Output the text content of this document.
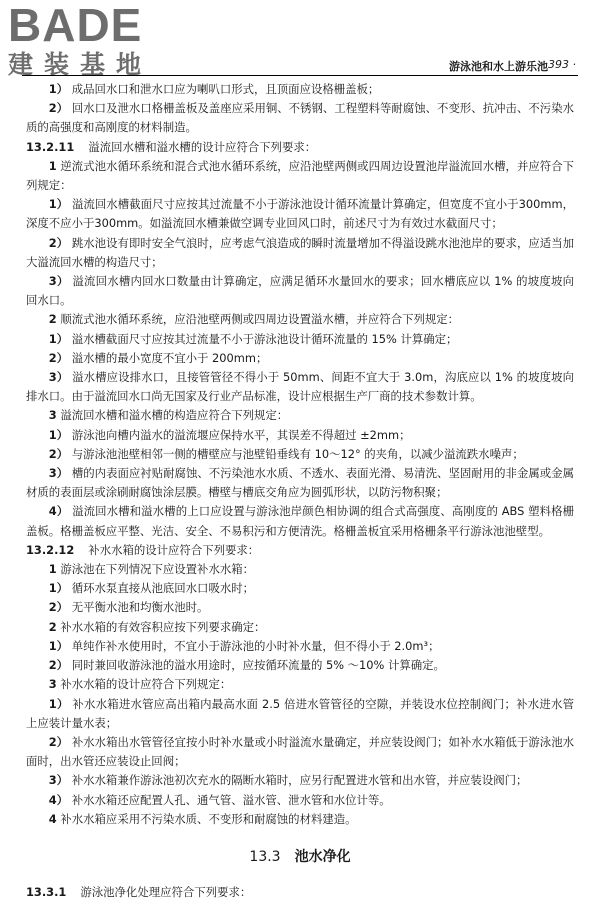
BADE
建装基地	游泳池和水上游乐池
· 393 ·

1） 成品回水口和泄水口应为喇叭口形式，且顶面应设格栅盖板；

2） 回水口及泄水口格栅盖板及盖座应采用铜、不锈钢、工程塑料等耐腐蚀、不变形、抗冲击、不污染水质的高强度和高刚度的材料制造。

13.2.11 溢流回水槽和溢水槽的设计应符合下列要求：

1 逆流式池水循环系统和混合式池水循环系统，应沿池壁两侧或四周边设置池岸溢流回水槽，并应符合下列规定：

1） 溢流回水槽截面尺寸应按其过流量不小于游泳池设计循环流量计算确定，但宽度不宜小于300mm，深度不应小于300mm。如溢流回水槽兼做空调专业回风口时，前述尺寸为有效过水截面尺寸；

2） 跳水池设有即时安全气浪时，应考虑气浪造成的瞬时流量增加不得溢设跳水池池岸的要求，应适当加大溢流回水槽的构造尺寸；

3） 溢流回水槽内回水口数量由计算确定，应满足循环水量回水的要求；回水槽底应以 1% 的坡度坡向回水口。

2 顺流式池水循环系统，应沿池壁两侧或四周边设置溢水槽，并应符合下列规定：

1） 溢水槽截面尺寸应按其过流量不小于游泳池设计循环流量的 15% 计算确定；

2） 溢水槽的最小宽度不宜小于 200mm；

3） 溢水槽应设排水口，且接管管径不得小于 50mm、间距不宜大于 3.0m，沟底应以 1% 的坡度坡向排水口。由于溢流回水口尚无国家及行业产品标准，设计应根据生产厂商的技术参数计算。

3 溢流回水槽和溢水槽的构造应符合下列规定：

1） 游泳池向槽内溢水的溢流堰应保持水平，其误差不得超过 ±2mm；

2） 与游泳池池壁相邻一侧的槽壁应与池壁铅垂线有 10～12° 的夹角，以减少溢流跌水噪声；

3） 槽的内表面应衬贴耐腐蚀、不污染池水水质、不透水、表面光滑、易清洗、坚固耐用的非金属或金属材质的表面层或涂刷耐腐蚀涂层膜。槽壁与槽底交角应为圆弧形状，以防污物积聚；

4） 溢流回水槽和溢水槽的上口应设置与游泳池岸颜色相协调的组合式高强度、高刚度的 ABS 塑料格栅盖板。格栅盖板应平整、光洁、安全、不易积污和方便清洗。格栅盖板宜采用格栅条平行游泳池池壁型。

13.2.12 补水水箱的设计应符合下列要求：

1 游泳池在下列情况下应设置补水水箱：

1） 循环水泵直接从池底回水口吸水时；

2） 无平衡水池和均衡水池时。

2 补水水箱的有效容积应按下列要求确定：

1） 单纯作补水使用时，不宜小于游泳池的小时补水量，但不得小于 2.0m³；

2） 同时兼回收游泳池的溢水用途时，应按循环流量的 5% ～10% 计算确定。

3 补水水箱的设计应符合下列规定：

1） 补水水箱进水管应高出箱内最高水面 2.5 倍进水管管径的空隙，并装设水位控制阀门；补水进水管上应装计量水表；

2） 补水水箱出水管管径宜按小时补水量或小时溢流水量确定，并应装设阀门；如补水水箱低于游泳池水面时，出水管还应装设止回阀；

3） 补水水箱兼作游泳池初次充水的隔断水箱时，应另行配置进水管和出水管，并应装设阀门；

4） 补水水箱还应配置人孔、通气管、溢水管、泄水管和水位计等。

4 补水水箱应采用不污染水质、不变形和耐腐蚀的材料建造。

13.3 池水净化

13.3.1 游泳池净化处理应符合下列要求：
